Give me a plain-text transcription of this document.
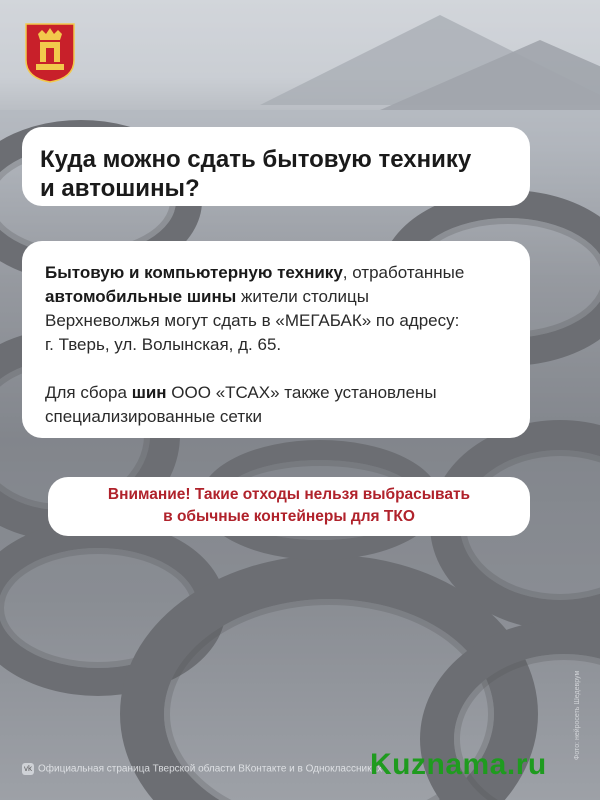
Куда можно сдать бытовую технику
и автошины?
Бытовую и компьютерную технику, отработанные
автомобильные шины жители столицы
Верхневолжья могут сдать в «МЕГАБАК» по адресу:
г. Тверь, ул. Волынская, д. 65.
Для сбора шин ООО «ТСАХ» также установлены
специализированные сетки
Внимание! Такие отходы нельзя выбрасывать
в обычные контейнеры для ТКО
vk Официальная страница Тверской области ВКонтакте и в Одноклассниках
Фото: нейросеть Шедеврум
Kuznama.ru
